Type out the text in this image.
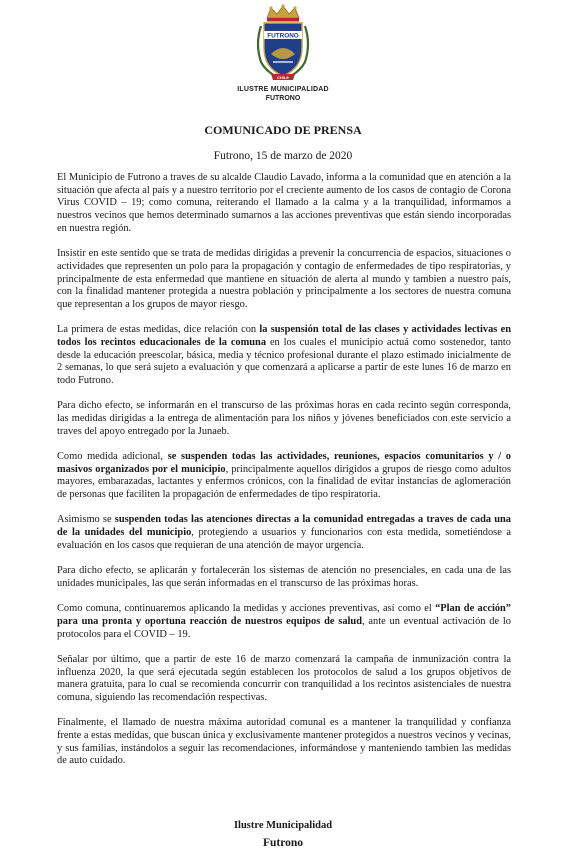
FUTRONO
CHILE
ILUSTRE MUNICIPALIDAD
FUTRONO
COMUNICADO DE PRENSA
Futrono, 15 de marzo de 2020

El Municipio de Futrono a traves de su alcalde Claudio Lavado, informa a la comunidad que en atención a la situación que afecta al país y a nuestro territorio por el creciente aumento de los casos de contagio de Corona Virus COVID – 19; como comuna, reiterando el llamado a la calma y a la tranquilidad, informamos a nuestros vecinos que hemos determinado sumarnos a las acciones preventivas que están siendo incorporadas en nuestra región.

Insistir en este sentido que se trata de medidas dirigidas a prevenir la concurrencia de espacios, situaciones o actividades que representen un polo para la propagación y contagio de enfermedades de tipo respiratorias, y principalmente de esta enfermedad que mantiene en situación de alerta al mundo y tambien a nuestro país, con la finalidad mantener protegida a nuestra población y principalmente a los sectores de nuestra comuna que representan a los grupos de mayor riesgo.

La primera de estas medidas, dice relación con la suspensión total de las clases y actividades lectivas en todos los recintos educacionales de la comuna en los cuales el municipio actuá como sostenedor, tanto desde la educación preescolar, básica, media y técnico profesional durante el plazo estimado inicialmente de 2 semanas, lo que será sujeto a evaluación y que comenzará a aplicarse a partir de este lunes 16 de marzo en todo Futrono.

Para dicho efecto, se informarán en el transcurso de las próximas horas en cada recinto según corresponda, las medidas dirigidas a la entrega de alimentación para los niños y jóvenes beneficiados con este servicio a traves del apoyo entregado por la Junaeb.

Como medida adicional, se suspenden todas las actividades, reuniones, espacios comunitarios y / o masivos organizados por el municipio, principalmente aquellos dirigidos a grupos de riesgo como adultos mayores, embarazadas, lactantes y enfermos crónicos, con la finalidad de evitar instancias de aglomeración de personas que faciliten la propagación de enfermedades de tipo respiratoria.

Asimismo se suspenden todas las atenciones directas a la comunidad entregadas a traves de cada una de la unidades del municipio, protegiendo a usuarios y funcionarios con esta medida, sometiéndose a evaluación en los casos que requieran de una atención de mayor urgencia.

Para dicho efecto, se aplicarán y fortalecerán los sistemas de atención no presenciales, en cada una de las unidades municipales, las que serán informadas en el transcurso de las próximas horas.

Como comuna, continuaremos aplicando la medidas y acciones preventivas, así como el “Plan de acción” para una pronta y oportuna reacción de nuestros equipos de salud, ante un eventual activación de lo protocolos para el COVID – 19.

Señalar por último, que a partir de este 16 de marzo comenzará la campaña de inmunización contra la influenza 2020, la que será ejecutada según establecen los protocolos de salud a los grupos objetivos de manera gratuita, para lo cual se recomienda concurrir con tranquilidad a los recintos asistenciales de nuestra comuna, siguiendo las recomendación respectivas.

Finalmente, el llamado de nuestra máxima autoridad comunal es a mantener la tranquilidad y confianza frente a estas medidas, que buscan única y exclusivamente mantener protegidos a nuestros vecinos y vecinas, y sus familias, instándolos a seguir las recomendaciones, informándose y manteniendo tambien las medidas de auto cuidado.

Ilustre Municipalidad
Futrono
